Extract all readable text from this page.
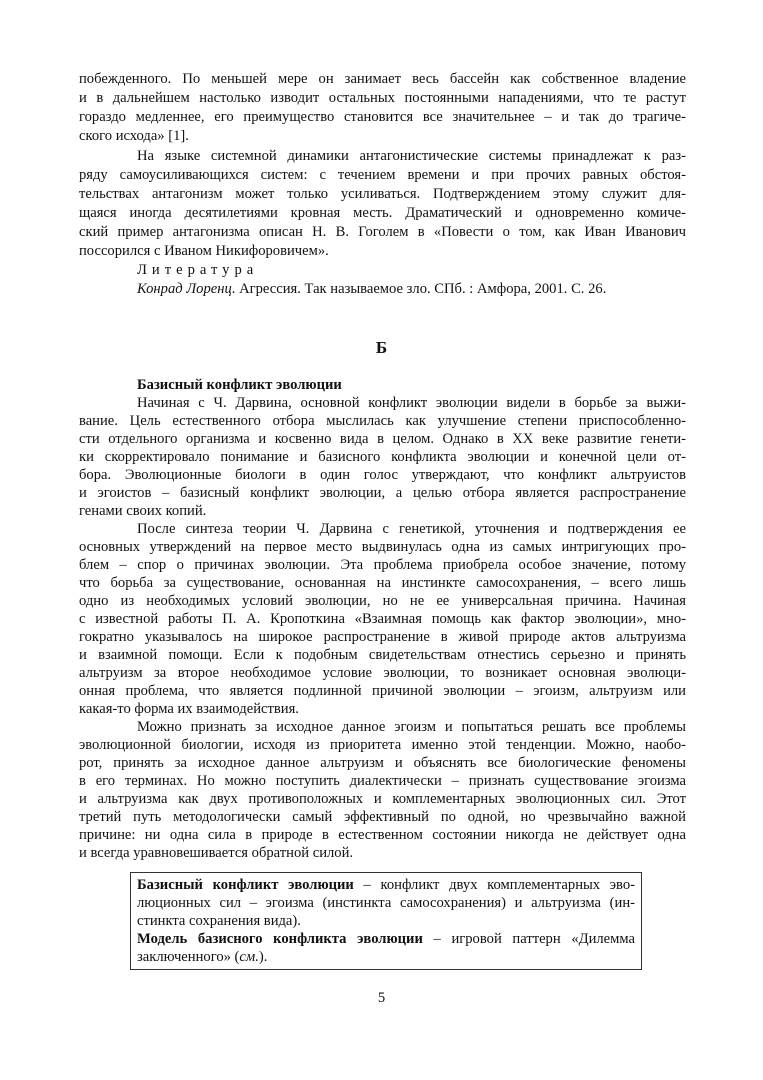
побежденного. По меньшей мере он занимает весь бассейн как собственное владение
и в дальнейшем настолько изводит остальных постоянными нападениями, что те растут
гораздо медленнее, его преимущество становится все значительнее – и так до трагиче-
ского исхода» [1].
На языке системной динамики антагонистические системы принадлежат к раз-
ряду самоусиливающихся систем: с течением времени и при прочих равных обстоя-
тельствах антагонизм может только усиливаться. Подтверждением этому служит для-
щаяся иногда десятилетиями кровная месть. Драматический и одновременно комиче-
ский пример антагонизма описан Н. В. Гоголем в «Повести о том, как Иван Иванович
поссорился с Иваном Никифоровичем».
Литература
Конрад Лоренц. Агрессия. Так называемое зло. СПб. : Амфора, 2001. С. 26.
Б
Базисный конфликт эволюции
Начиная с Ч. Дарвина, основной конфликт эволюции видели в борьбе за выжи-
вание. Цель естественного отбора мыслилась как улучшение степени приспособленно-
сти отдельного организма и косвенно вида в целом. Однако в XX веке развитие генети-
ки скорректировало понимание и базисного конфликта эволюции и конечной цели от-
бора. Эволюционные биологи в один голос утверждают, что конфликт альтруистов
и эгоистов – базисный конфликт эволюции, а целью отбора является распространение
генами своих копий.
После синтеза теории Ч. Дарвина с генетикой, уточнения и подтверждения ее
основных утверждений на первое место выдвинулась одна из самых интригующих про-
блем – спор о причинах эволюции. Эта проблема приобрела особое значение, потому
что борьба за существование, основанная на инстинкте самосохранения, – всего лишь
одно из необходимых условий эволюции, но не ее универсальная причина. Начиная
с известной работы П. А. Кропоткина «Взаимная помощь как фактор эволюции», мно-
гократно указывалось на широкое распространение в живой природе актов альтруизма
и взаимной помощи. Если к подобным свидетельствам отнестись серьезно и принять
альтруизм за второе необходимое условие эволюции, то возникает основная эволюци-
онная проблема, что является подлинной причиной эволюции – эгоизм, альтруизм или
какая-то форма их взаимодействия.
Можно признать за исходное данное эгоизм и попытаться решать все проблемы
эволюционной биологии, исходя из приоритета именно этой тенденции. Можно, наобо-
рот, принять за исходное данное альтруизм и объяснять все биологические феномены
в его терминах. Но можно поступить диалектически – признать существование эгоизма
и альтруизма как двух противоположных и комплементарных эволюционных сил. Этот
третий путь методологически самый эффективный по одной, но чрезвычайно важной
причине: ни одна сила в природе в естественном состоянии никогда не действует одна
и всегда уравновешивается обратной силой.
Базисный конфликт эволюции – конфликт двух комплементарных эво-
люционных сил – эгоизма (инстинкта самосохранения) и альтруизма (ин-
стинкта сохранения вида).
Модель базисного конфликта эволюции – игровой паттерн «Дилемма
заключенного» (см.).
5
